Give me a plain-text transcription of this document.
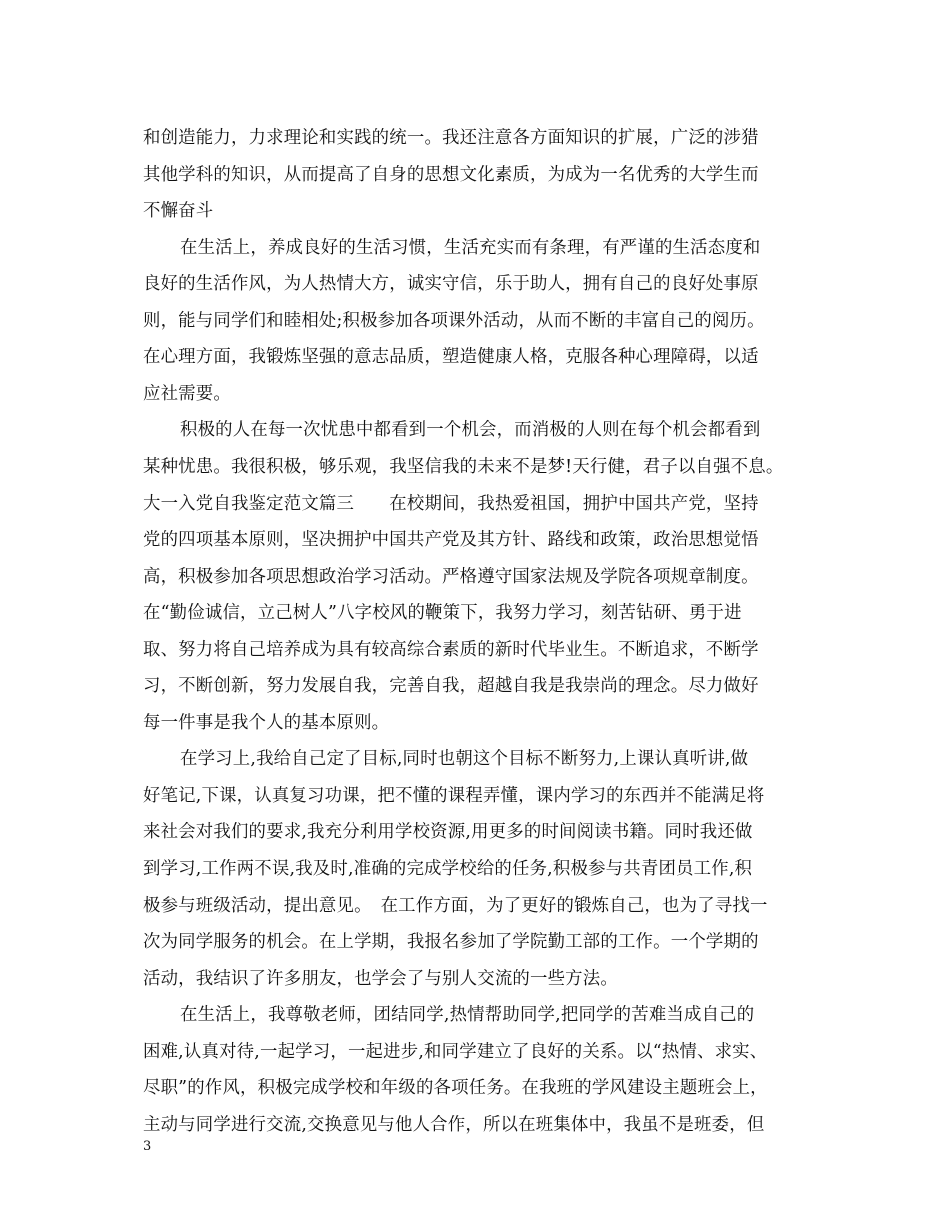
和创造能力，力求理论和实践的统一。我还注意各方面知识的扩展，广泛的涉猎
其他学科的知识，从而提高了自身的思想文化素质，为成为一名优秀的大学生而
不懈奋斗
在生活上，养成良好的生活习惯，生活充实而有条理，有严谨的生活态度和
良好的生活作风，为人热情大方，诚实守信，乐于助人，拥有自己的良好处事原
则，能与同学们和睦相处;积极参加各项课外活动，从而不断的丰富自己的阅历。
在心理方面，我锻炼坚强的意志品质，塑造健康人格，克服各种心理障碍，以适
应社需要。
积极的人在每一次忧患中都看到一个机会，而消极的人则在每个机会都看到
某种忧患。我很积极，够乐观，我坚信我的未来不是梦!天行健，君子以自强不息。
大一入党自我鉴定范文篇三　　在校期间，我热爱祖国，拥护中国共产党，坚持
党的四项基本原则，坚决拥护中国共产党及其方针、路线和政策，政治思想觉悟
高，积极参加各项思想政治学习活动。严格遵守国家法规及学院各项规章制度。
在“勤俭诚信，立己树人”八字校风的鞭策下，我努力学习，刻苦钻研、勇于进
取、努力将自己培养成为具有较高综合素质的新时代毕业生。不断追求，不断学
习，不断创新，努力发展自我，完善自我，超越自我是我崇尚的理念。尽力做好
每一件事是我个人的基本原则。
在学习上,我给自己定了目标,同时也朝这个目标不断努力,上课认真听讲,做
好笔记,下课，认真复习功课，把不懂的课程弄懂，课内学习的东西并不能满足将
来社会对我们的要求,我充分利用学校资源,用更多的时间阅读书籍。同时我还做
到学习,工作两不误,我及时,准确的完成学校给的任务,积极参与共青团员工作,积
极参与班级活动，提出意见。　在工作方面，为了更好的锻炼自己，也为了寻找一
次为同学服务的机会。在上学期，我报名参加了学院勤工部的工作。一个学期的
活动，我结识了许多朋友，也学会了与别人交流的一些方法。
在生活上，我尊敬老师，团结同学,热情帮助同学,把同学的苦难当成自己的
困难,认真对待,一起学习，一起进步,和同学建立了良好的关系。以“热情、求实、
尽职”的作风，积极完成学校和年级的各项任务。在我班的学风建设主题班会上，
主动与同学进行交流,交换意见与他人合作，所以在班集体中，我虽不是班委，但
3
